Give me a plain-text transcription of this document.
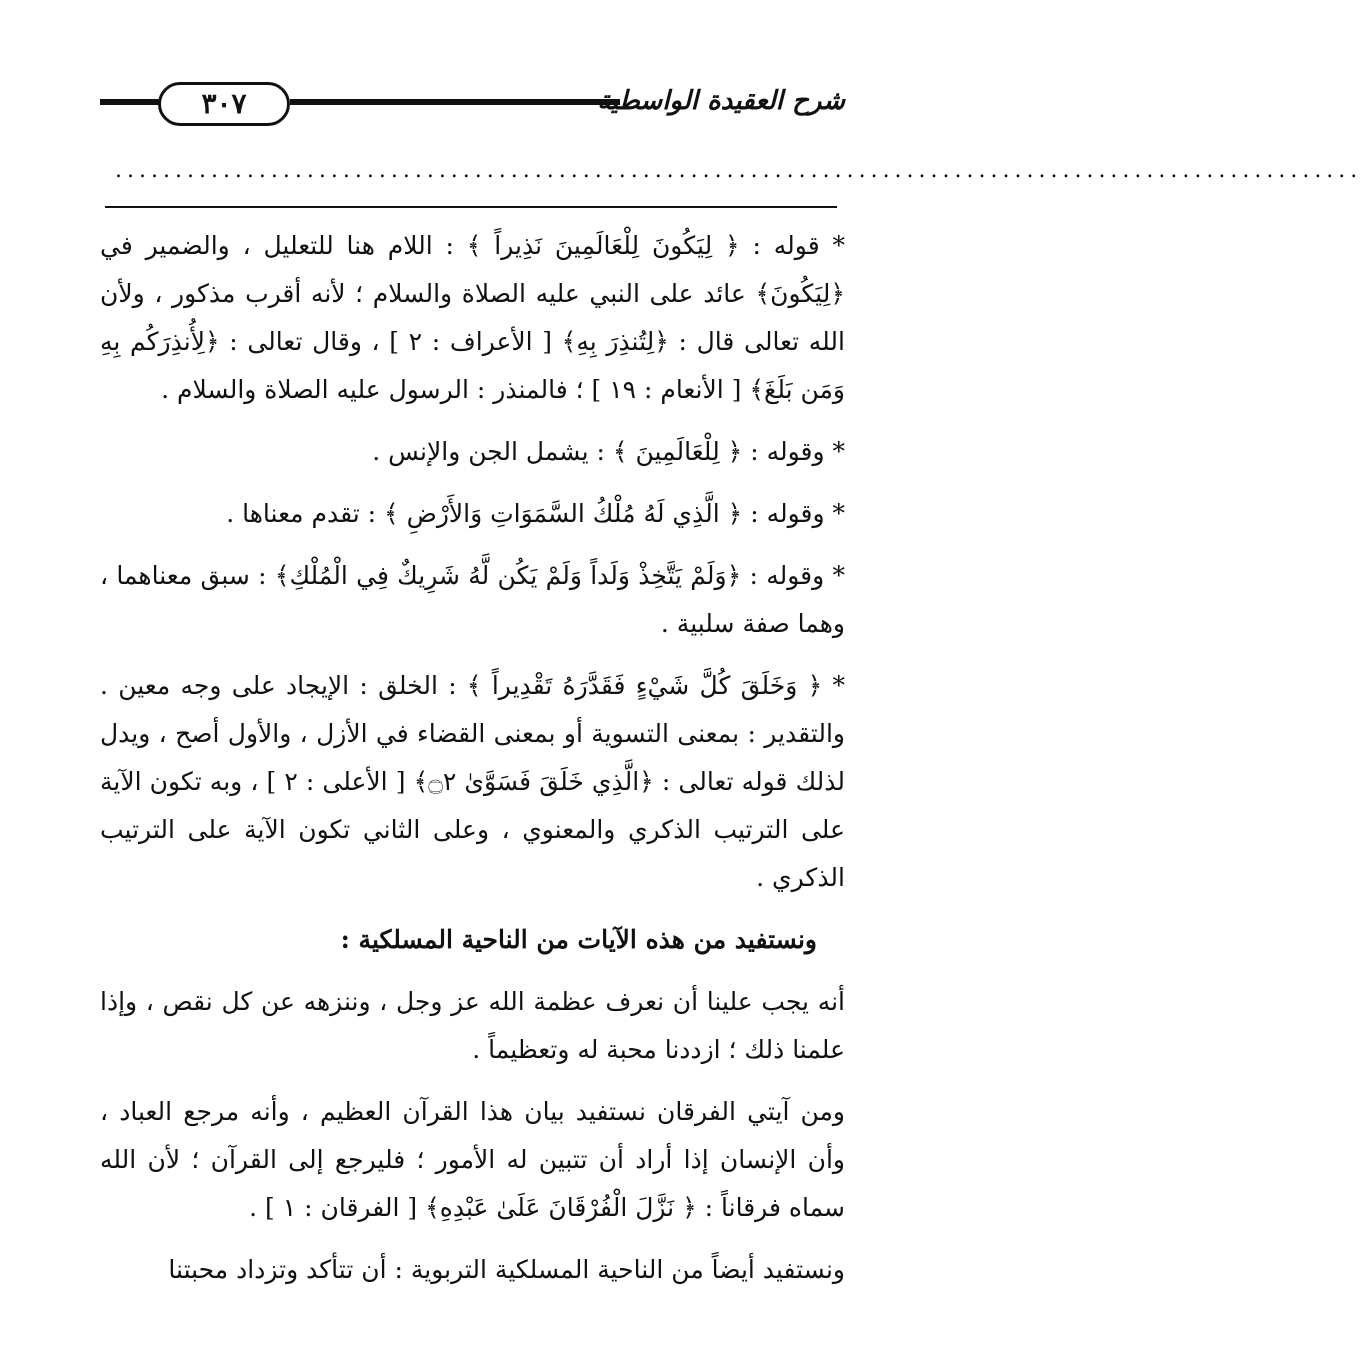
٣٠٧	شرح العقيدة الواسطية
........................................................................................................

* قوله : ﴿ لِيَكُونَ لِلْعَالَمِينَ نَذِيراً ﴾ : اللام هنا للتعليل ، والضمير في ﴿لِيَكُونَ﴾ عائد على النبي عليه الصلاة والسلام ؛ لأنه أقرب مذكور ، ولأن الله تعالى قال : ﴿لِتُنذِرَ بِهِ﴾ [ الأعراف : ٢ ] ، وقال تعالى : ﴿لِأُنذِرَكُم بِهِ وَمَن بَلَغَ﴾ [ الأنعام : ١٩ ] ؛ فالمنذر : الرسول عليه الصلاة والسلام .

* وقوله : ﴿ لِلْعَالَمِينَ ﴾ : يشمل الجن والإنس .

* وقوله : ﴿ الَّذِي لَهُ مُلْكُ السَّمَوَاتِ وَالأَرْضِ ﴾ : تقدم معناها .

* وقوله : ﴿وَلَمْ يَتَّخِذْ وَلَداً وَلَمْ يَكُن لَّهُ شَرِيكٌ فِي الْمُلْكِ﴾ : سبق معناهما ، وهما صفة سلبية .

* ﴿ وَخَلَقَ كُلَّ شَيْءٍ فَقَدَّرَهُ تَقْدِيراً ﴾ : الخلق : الإيجاد على وجه معين . والتقدير : بمعنى التسوية أو بمعنى القضاء في الأزل ، والأول أصح ، ويدل لذلك قوله تعالى : ﴿الَّذِي خَلَقَ فَسَوَّىٰ ۝٢﴾ [ الأعلى : ٢ ] ، وبه تكون الآية على الترتيب الذكري والمعنوي ، وعلى الثاني تكون الآية على الترتيب الذكري .

ونستفيد من هذه الآيات من الناحية المسلكية :

أنه يجب علينا أن نعرف عظمة الله عز وجل ، وننزهه عن كل نقص ، وإذا علمنا ذلك ؛ ازددنا محبة له وتعظيماً .

ومن آيتي الفرقان نستفيد بيان هذا القرآن العظيم ، وأنه مرجع العباد ، وأن الإنسان إذا أراد أن تتبين له الأمور ؛ فليرجع إلى القرآن ؛ لأن الله سماه فرقاناً : ﴿ نَزَّلَ الْفُرْقَانَ عَلَىٰ عَبْدِهِ﴾ [ الفرقان : ١ ] .

ونستفيد أيضاً من الناحية المسلكية التربوية : أن تتأكد وتزداد محبتنا
